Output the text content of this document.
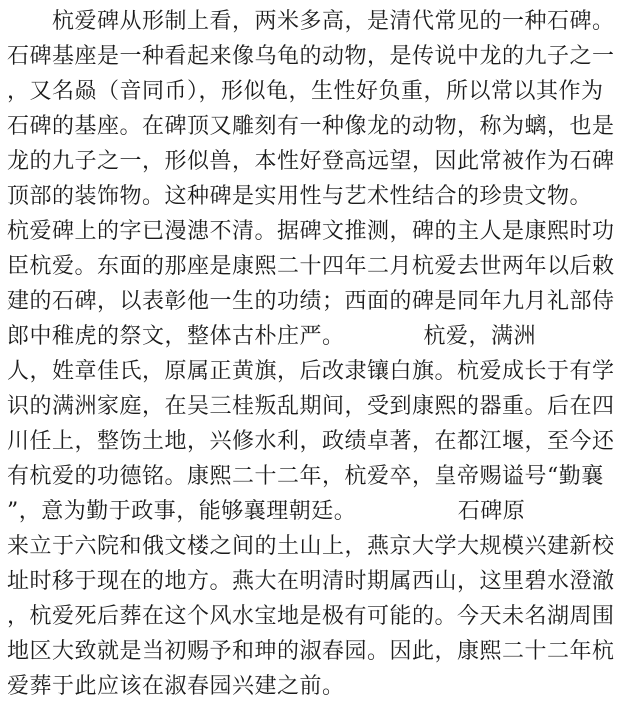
　　杭爱碑从形制上看，两米多高，是清代常见的一种石碑。
石碑基座是一种看起来像乌龟的动物，是传说中龙的九子之一
，又名赑（音同币），形似龟，生性好负重，所以常以其作为
石碑的基座。在碑顶又雕刻有一种像龙的动物，称为螭，也是
龙的九子之一，形似兽，本性好登高远望，因此常被作为石碑
顶部的装饰物。这种碑是实用性与艺术性结合的珍贵文物。
杭爱碑上的字已漫漶不清。据碑文推测，碑的主人是康熙时功
臣杭爱。东面的那座是康熙二十四年二月杭爱去世两年以后敕
建的石碑，以表彰他一生的功绩；西面的碑是同年九月礼部侍
郎中稚虎的祭文，整体古朴庄严。　　　　杭爱，满洲
人，姓章佳氏，原属正黄旗，后改隶镶白旗。杭爱成长于有学
识的满洲家庭，在吴三桂叛乱期间，受到康熙的器重。后在四
川任上，整饬土地，兴修水利，政绩卓著，在都江堰，至今还
有杭爱的功德铭。康熙二十二年，杭爱卒，皇帝赐谥号“勤襄
”，意为勤于政事，能够襄理朝廷。　　　　　石碑原
来立于六院和俄文楼之间的土山上，燕京大学大规模兴建新校
址时移于现在的地方。燕大在明清时期属西山，这里碧水澄澈
，杭爱死后葬在这个风水宝地是极有可能的。今天未名湖周围
地区大致就是当初赐予和珅的淑春园。因此，康熙二十二年杭
爱葬于此应该在淑春园兴建之前。
